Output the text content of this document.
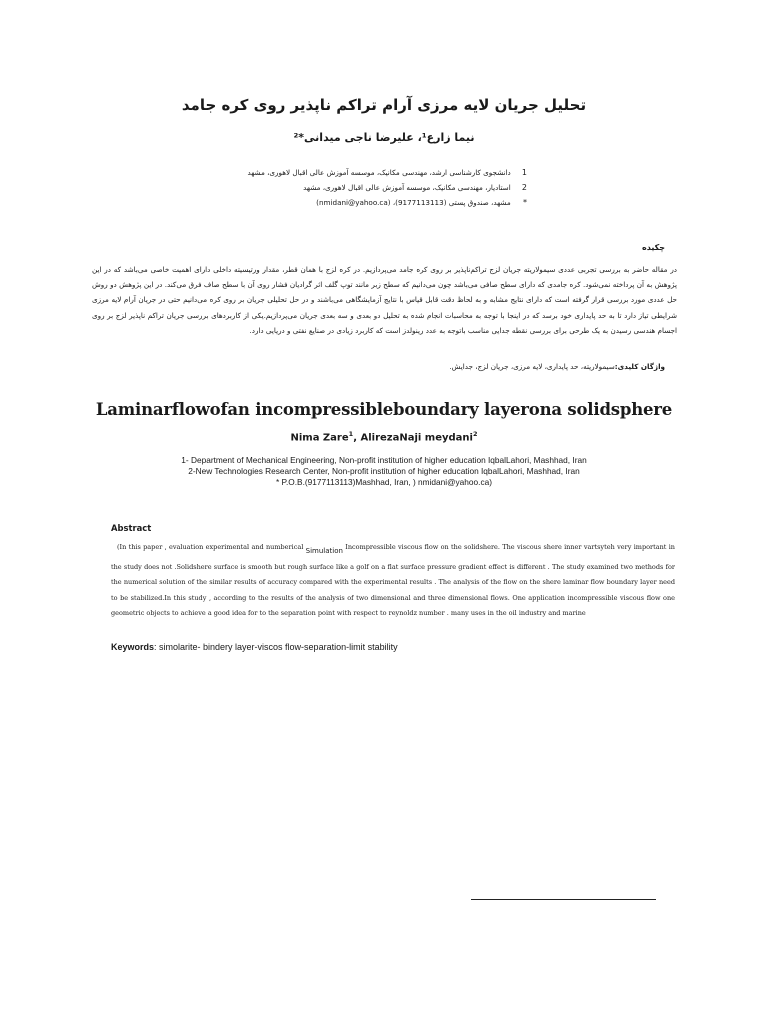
تحلیل جریان لایه مرزی آرام تراکم ناپذیر روی کره جامد
نیما زارع¹، علیرضا ناجی میدانی*²
1 دانشجوی کارشناسی ارشد، مهندسی مکانیک، موسسه آموزش عالی اقبال لاهوری، مشهد
2 استادیار، مهندسی مکانیک، موسسه آموزش عالی اقبال لاهوری، مشهد
* مشهد، صندوق پستی (9177113113)، (nmidani@yahoo.ca)
چکیده
در مقاله حاضر به بررسی تجربی عددی سیمولاریته جریان لزج تراکم‌ناپذیر بر روی کره جامد می‌پردازیم. در کره لزج با همان قطر، مقدار ورتیسیته داخلی دارای اهمیت خاصی می‌باشد که در این پژوهش به آن پرداخته نمی‌شود. کره جامدی که دارای سطح صافی می‌باشد چون می‌دانیم که سطح زبر مانند توپ گلف اثر گرادیان فشار روی آن با سطح صاف فرق می‌کند. در این پژوهش دو روش حل عددی مورد بررسی قرار گرفته است که دارای نتایج مشابه و به لحاظ دقت قابل قیاس با نتایج آزمایشگاهی می‌باشند و در حل تحلیلی جریان بر روی کره می‌دانیم حتی در جریان آرام لایه مرزی شرایطی تیاز دارد تا به حد پایداری خود برسد که در اینجا با توجه به محاسبات انجام شده به تحلیل دو بعدی و سه بعدی جریان می‌پردازیم.یکی از کاربردهای بررسی جریان تراکم ناپذیر لزج بر روی اجسام هندسی رسیدن به یک طرحی برای بررسی نقطه جدایی مناسب باتوجه به عدد رینولدز است که کاربرد زیادی در صنایع نفتی و دریایی دارد.
واژگان کلیدی:سیمولاریته، حد پایداری، لایه مرزی، جریان لزج، جدایش.
Laminarflowofan incompressibleboundary layerona solidsphere
Nima Zare$^1$, AlirezaNaji meydani$^2$
1- Department of Mechanical Engineering, Non-profit institution of higher education IqbalLahori, Mashhad, Iran
2-New Technologies Research Center, Non-profit institution of higher education IqbalLahori, Mashhad, Iran
* P.O.B.(9177113113)Mashhad, Iran, ) nmidani@yahoo.ca)
Abstract
(In this paper , evaluation experimental and numberical Simulation Incompressible viscous flow on the solidshere. The viscous shere inner vartsyteh very important in the study does not .Solidshere surface is smooth but rough surface like a golf on a flat surface pressure gradient effect is different . The study examined two methods for the numerical solution of the similar results of accuracy compared with the experimental results . The analysis of the flow on the shere laminar flow boundary layer need to be stabilized.In this study , according to the results of the analysis of two dimensional and three dimensional flows. One application incompressible viscous flow one geometric objects to achieve a good idea for to the separation point with respect to reynoldz number . many uses in the oil industry and marine
Keywords: simolarite- bindery layer-viscos flow-separation-limit stability
